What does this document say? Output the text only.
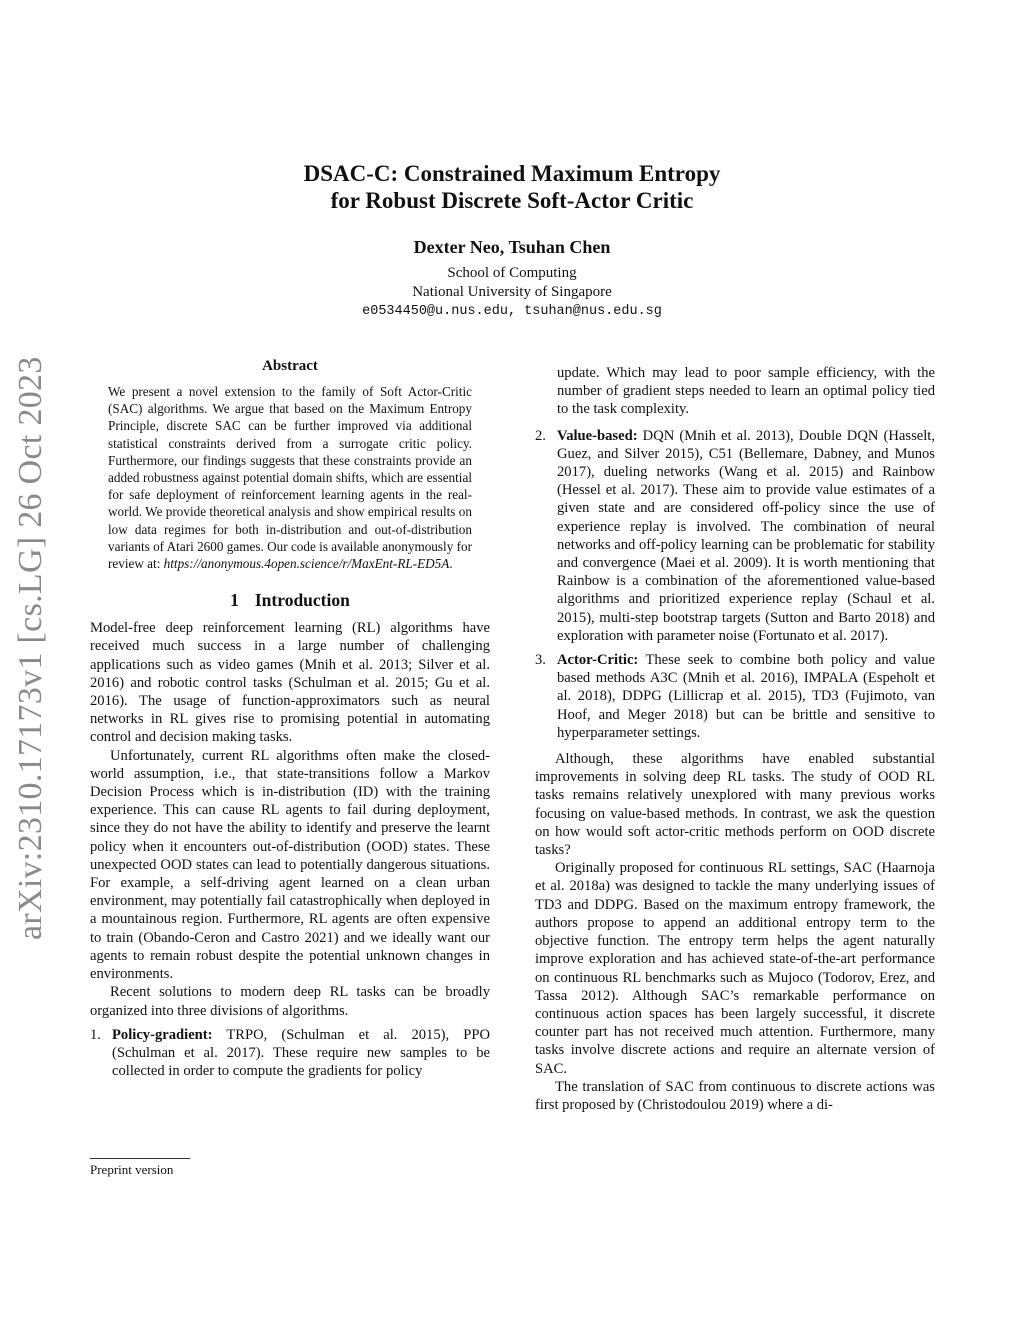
arXiv:2310.17173v1 [cs.LG] 26 Oct 2023
DSAC-C: Constrained Maximum Entropy
for Robust Discrete Soft-Actor Critic
Dexter Neo, Tsuhan Chen
School of Computing
National University of Singapore
e0534450@u.nus.edu, tsuhan@nus.edu.sg
Abstract
We present a novel extension to the family of Soft Actor-Critic (SAC) algorithms. We argue that based on the Maximum Entropy Principle, discrete SAC can be further improved via additional statistical constraints derived from a surrogate critic policy. Furthermore, our findings suggests that these constraints provide an added robustness against potential domain shifts, which are essential for safe deployment of reinforcement learning agents in the real-world. We provide theoretical analysis and show empirical results on low data regimes for both in-distribution and out-of-distribution variants of Atari 2600 games. Our code is available anonymously for review at: https://anonymous.4open.science/r/MaxEnt-RL-ED5A.
1 Introduction

Model-free deep reinforcement learning (RL) algorithms have received much success in a large number of challenging applications such as video games (Mnih et al. 2013; Silver et al. 2016) and robotic control tasks (Schulman et al. 2015; Gu et al. 2016). The usage of function-approximators such as neural networks in RL gives rise to promising potential in automating control and decision making tasks.

Unfortunately, current RL algorithms often make the closed-world assumption, i.e., that state-transitions follow a Markov Decision Process which is in-distribution (ID) with the training experience. This can cause RL agents to fail during deployment, since they do not have the ability to identify and preserve the learnt policy when it encounters out-of-distribution (OOD) states. These unexpected OOD states can lead to potentially dangerous situations. For example, a self-driving agent learned on a clean urban environment, may potentially fail catastrophically when deployed in a mountainous region. Furthermore, RL agents are often expensive to train (Obando-Ceron and Castro 2021) and we ideally want our agents to remain robust despite the potential unknown changes in environments.

Recent solutions to modern deep RL tasks can be broadly organized into three divisions of algorithms.

1. Policy-gradient: TRPO, (Schulman et al. 2015), PPO (Schulman et al. 2017). These require new samples to be collected in order to compute the gradients for policy
Preprint version

update. Which may lead to poor sample efficiency, with the number of gradient steps needed to learn an optimal policy tied to the task complexity.

2. Value-based: DQN (Mnih et al. 2013), Double DQN (Hasselt, Guez, and Silver 2015), C51 (Bellemare, Dabney, and Munos 2017), dueling networks (Wang et al. 2015) and Rainbow (Hessel et al. 2017). These aim to provide value estimates of a given state and are considered off-policy since the use of experience replay is involved. The combination of neural networks and off-policy learning can be problematic for stability and convergence (Maei et al. 2009). It is worth mentioning that Rainbow is a combination of the aforementioned value-based algorithms and prioritized experience replay (Schaul et al. 2015), multi-step bootstrap targets (Sutton and Barto 2018) and exploration with parameter noise (Fortunato et al. 2017).
3. Actor-Critic: These seek to combine both policy and value based methods A3C (Mnih et al. 2016), IMPALA (Espeholt et al. 2018), DDPG (Lillicrap et al. 2015), TD3 (Fujimoto, van Hoof, and Meger 2018) but can be brittle and sensitive to hyperparameter settings.

Although, these algorithms have enabled substantial improvements in solving deep RL tasks. The study of OOD RL tasks remains relatively unexplored with many previous works focusing on value-based methods. In contrast, we ask the question on how would soft actor-critic methods perform on OOD discrete tasks?

Originally proposed for continuous RL settings, SAC (Haarnoja et al. 2018a) was designed to tackle the many underlying issues of TD3 and DDPG. Based on the maximum entropy framework, the authors propose to append an additional entropy term to the objective function. The entropy term helps the agent naturally improve exploration and has achieved state-of-the-art performance on continuous RL benchmarks such as Mujoco (Todorov, Erez, and Tassa 2012). Although SAC’s remarkable performance on continuous action spaces has been largely successful, it discrete counter part has not received much attention. Furthermore, many tasks involve discrete actions and require an alternate version of SAC.

The translation of SAC from continuous to discrete actions was first proposed by (Christodoulou 2019) where a di-
